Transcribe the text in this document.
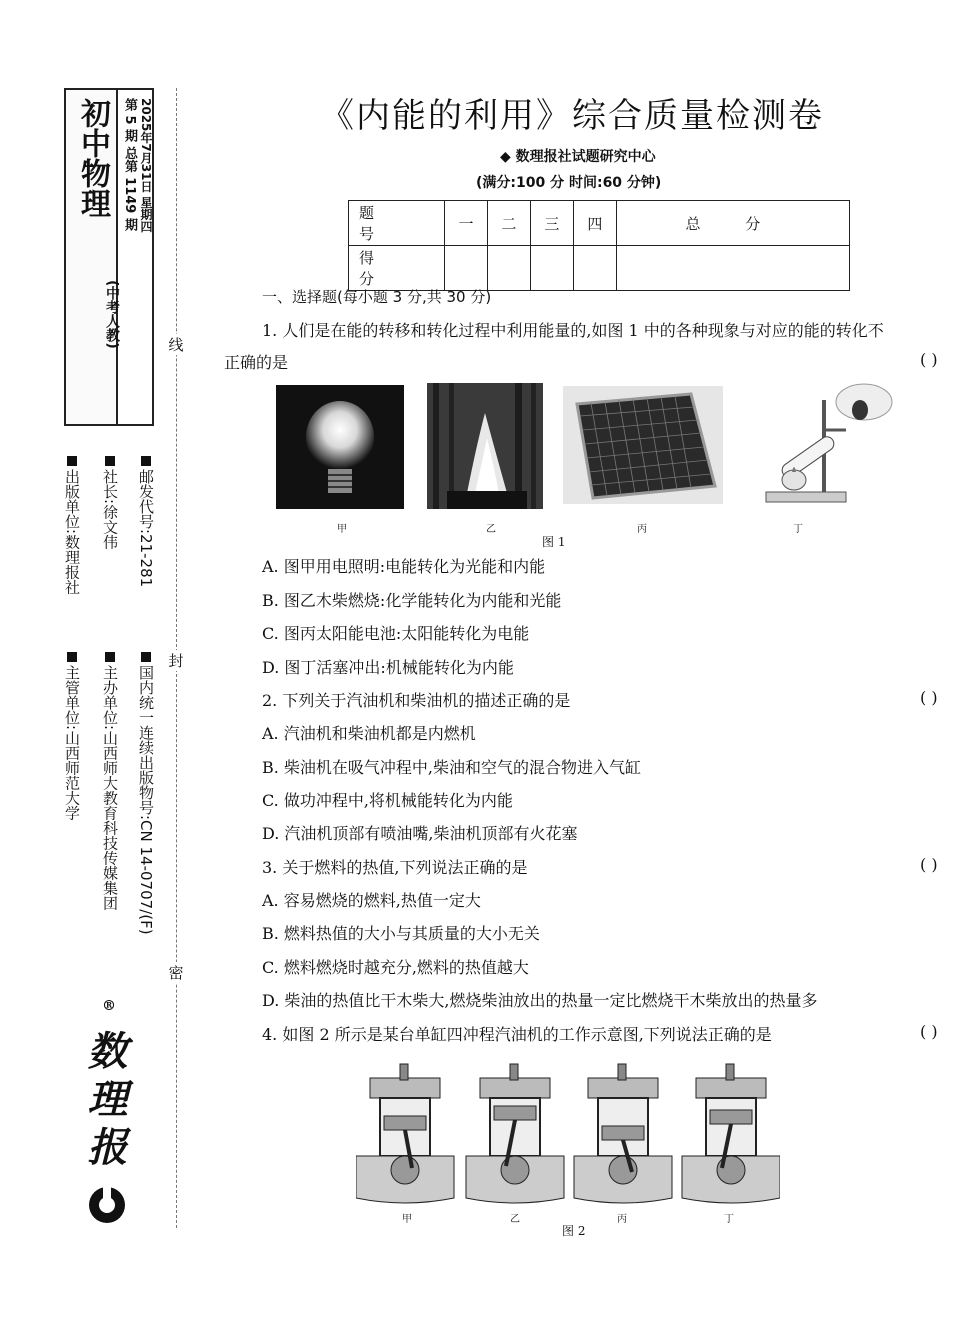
初中物理
(中考人教)
第 5 期 总第 1149 期 2025年7月31日 星期四
出版单位:数理报社 社长:徐文伟 邮发代号:21-281
主管单位:山西师范大学 主办单位:山西师大教育科技传媒集团 国内统一连续出版物号:CN 14-0707/(F)
数理报
®
线
封
密
《内能的利用》综合质量检测卷
◆ 数理报社试题研究中心
(满分:100 分 时间:60 分钟)
题 号	一	二	三	四	总 分
得 分					
一、选择题(每小题 3 分,共 30 分)
1. 人们是在能的转移和转化过程中利用能量的,如图 1 中的各种现象与对应的能的转化不
正确的是	( )
甲	乙	丙	丁
图 1
A. 图甲用电照明:电能转化为光能和内能
B. 图乙木柴燃烧:化学能转化为内能和光能
C. 图丙太阳能电池:太阳能转化为电能
D. 图丁活塞冲出:机械能转化为内能
2. 下列关于汽油机和柴油机的描述正确的是	( )
A. 汽油机和柴油机都是内燃机
B. 柴油机在吸气冲程中,柴油和空气的混合物进入气缸
C. 做功冲程中,将机械能转化为内能
D. 汽油机顶部有喷油嘴,柴油机顶部有火花塞
3. 关于燃料的热值,下列说法正确的是	( )
A. 容易燃烧的燃料,热值一定大
B. 燃料热值的大小与其质量的大小无关
C. 燃料燃烧时越充分,燃料的热值越大
D. 柴油的热值比干木柴大,燃烧柴油放出的热量一定比燃烧干木柴放出的热量多
4. 如图 2 所示是某台单缸四冲程汽油机的工作示意图,下列说法正确的是	( )
甲	乙	丙	丁
图 2
